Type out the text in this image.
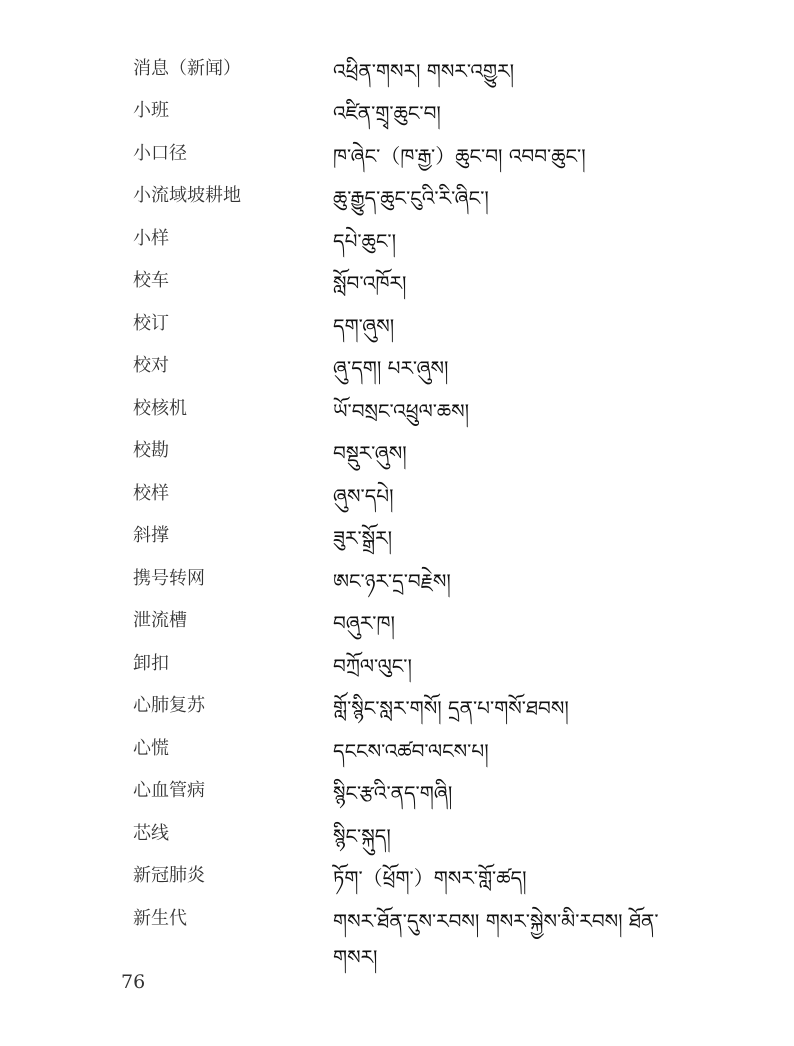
消息（新闻）	འཕྲིན་གསར། གསར་འགྱུར།
小班	འཛིན་གྲྭ་ཆུང་བ།
小口径	ཁ་ཞེང་（ཁ་རྒྱ་）ཆུང་བ། འབབ་ཆུང་།
小流域坡耕地	ཆུ་རྒྱུད་ཆུང་ངུའི་རི་ཞིང་།
小样	དཔེ་ཆུང་།
校车	སློབ་འཁོར།
校订	དག་ཞུས།
校对	ཞུ་དག། པར་ཞུས།
校核机	ཡོ་བསྲང་འཕྲུལ་ཆས།
校勘	བསྡུར་ཞུས།
校样	ཞུས་དཔེ།
斜撑	ཟུར་སྒྲོར།
携号转网	ཨང་ཉར་དྲ་བརྗེས།
泄流槽	བཞུར་ཁ།
卸扣	བཀྲོལ་ལུང་།
心肺复苏	གློ་སྙིང་སླར་གསོ། དྲན་པ་གསོ་ཐབས།
心慌	དངངས་འཚབ་ལངས་པ།
心血管病	སྙིང་རྩའི་ནད་གཞི།
芯线	སྙིང་སྐུད།
新冠肺炎	ཏོག་（ཕྲོག་）གསར་གློ་ཚད།
新生代	གསར་ཐོན་དུས་རབས། གསར་སྐྱེས་མི་རབས། ཐོན་གསར།
76
